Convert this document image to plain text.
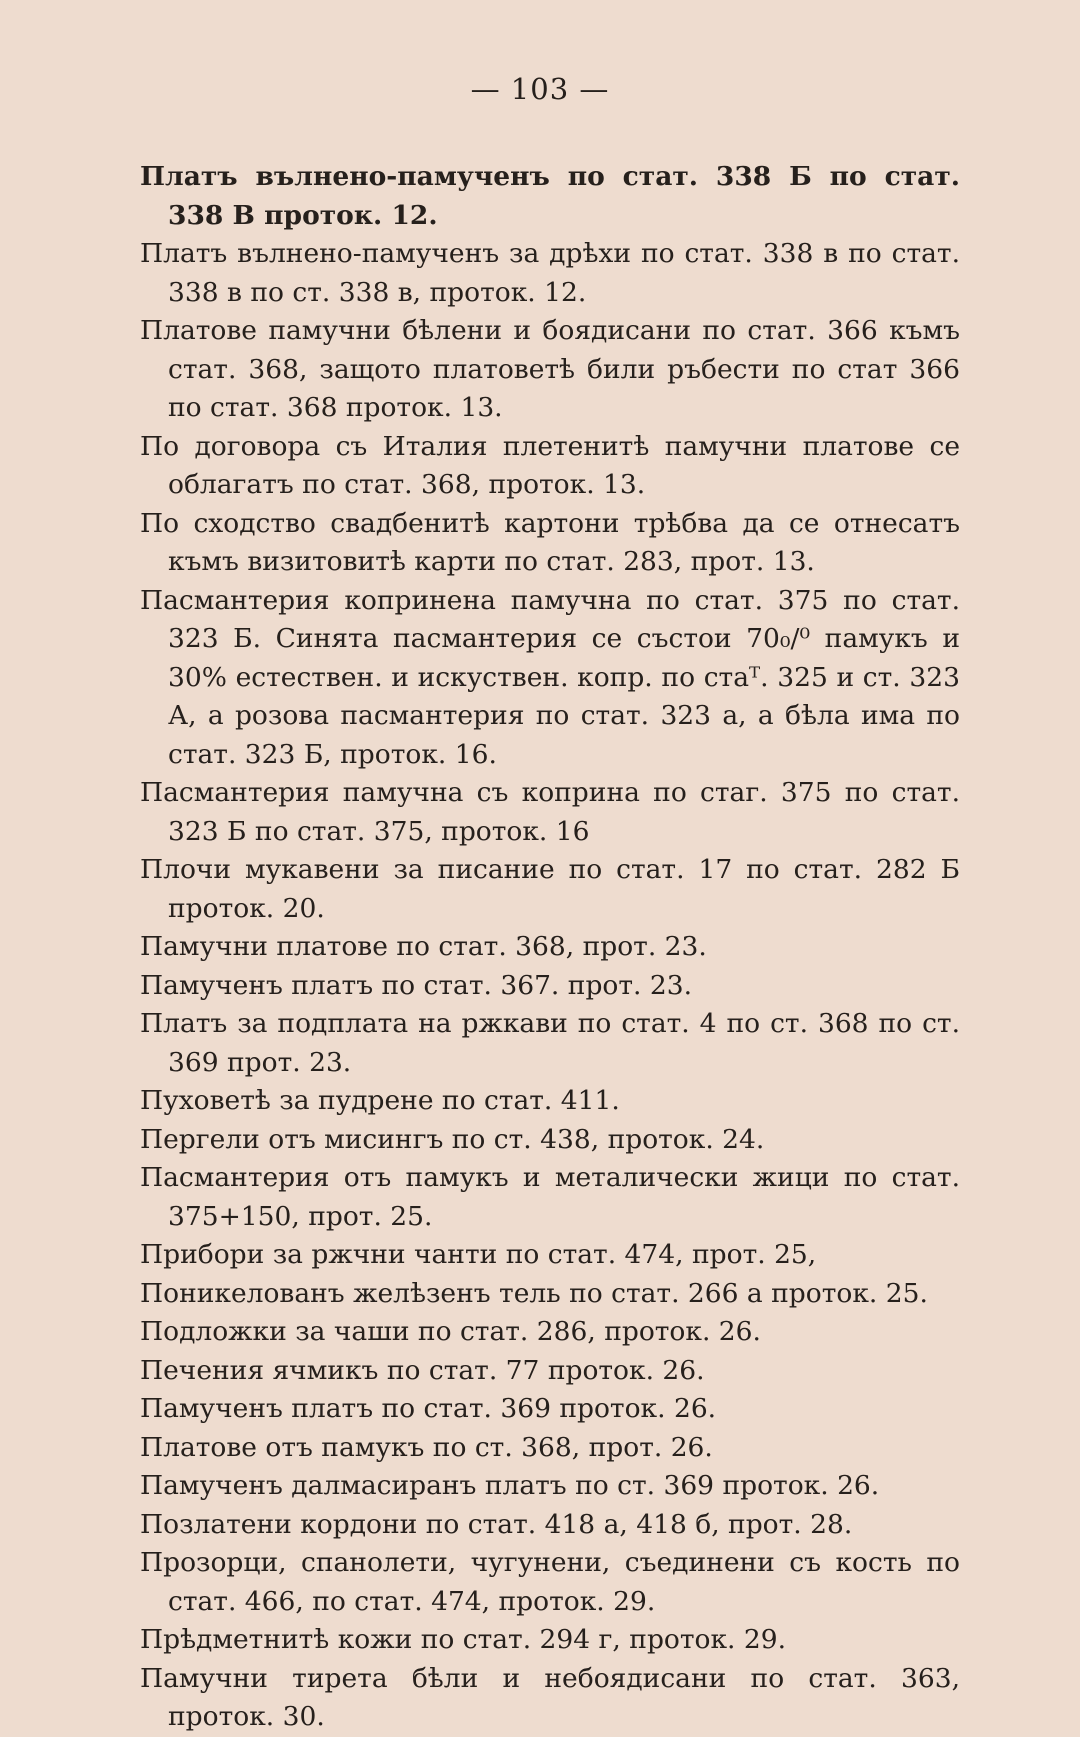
— 103 —
Платъ вълнено-памученъ по стат. 338 Б по стат. 338 В протoк. 12.
Платъ вълнено-памученъ за дрѣхи по стат. 338 в по стат. 338 в по ст. 338 в, протoк. 12.
Платове памучни бѣлени и боядисани по стат. 366 къмъ стат. 368, защото платоветѣ били ръбести по стат 366 по стат. 368 протoк. 13.
По договора съ Италия плетенитѣ памучни платове се облагатъ по стат. 368, протoк. 13.
По сходство свадбенитѣ картони трѣбва да се отнесатъ къмъ визитовитѣ карти по стат. 283, прот. 13.
Пасмантерия копринена памучна по стат. 375 по стат. 323 Б. Синята пасмантерия се състои 70₀/⁰ памукъ и 30% естествен. и искуствен. копр. по стаᵀ. 325 и ст. 323 А, а розова пасмантерия по стат. 323 а, а бѣла има по стат. 323 Б, протoк. 16.
Пасмантерия памучна съ коприна по стаг. 375 по стат. 323 Б по стат. 375, протoк. 16
Плочи мукавени за писание по стат. 17 по стат. 282 Б протoк. 20.
Памучни платове по стат. 368, прот. 23.
Памученъ платъ по стат. 367. прот. 23.
Платъ за подплата на ржкави по стат. 4 по ст. 368 по ст. 369 прот. 23.
Пуховетѣ за пудрене по стат. 411.
Пергели отъ мисингъ по ст. 438, протoк. 24.
Пасмантерия отъ памукъ и металически жици по стат. 375+150, прот. 25.
Прибори за ржчни чанти по стат. 474, прот. 25,
Поникелованъ желѣзенъ тель по стат. 266 а протoк. 25.
Подложки за чаши по стат. 286, протoк. 26.
Печения ячмикъ по стат. 77 протoк. 26.
Памученъ платъ по стат. 369 протoк. 26.
Платове отъ памукъ по ст. 368, прот. 26.
Памученъ далмасиранъ платъ по ст. 369 протoк. 26.
Позлатени кордони по стат. 418 а, 418 б, прот. 28.
Прозорци, спанолети, чугунени, съединени съ кость по стат. 466, по стат. 474, протoк. 29.
Прѣдметнитѣ кожи по стат. 294 г, протoк. 29.
Памучни тирета бѣли и небоядисани по стат. 363, протoк. 30.
